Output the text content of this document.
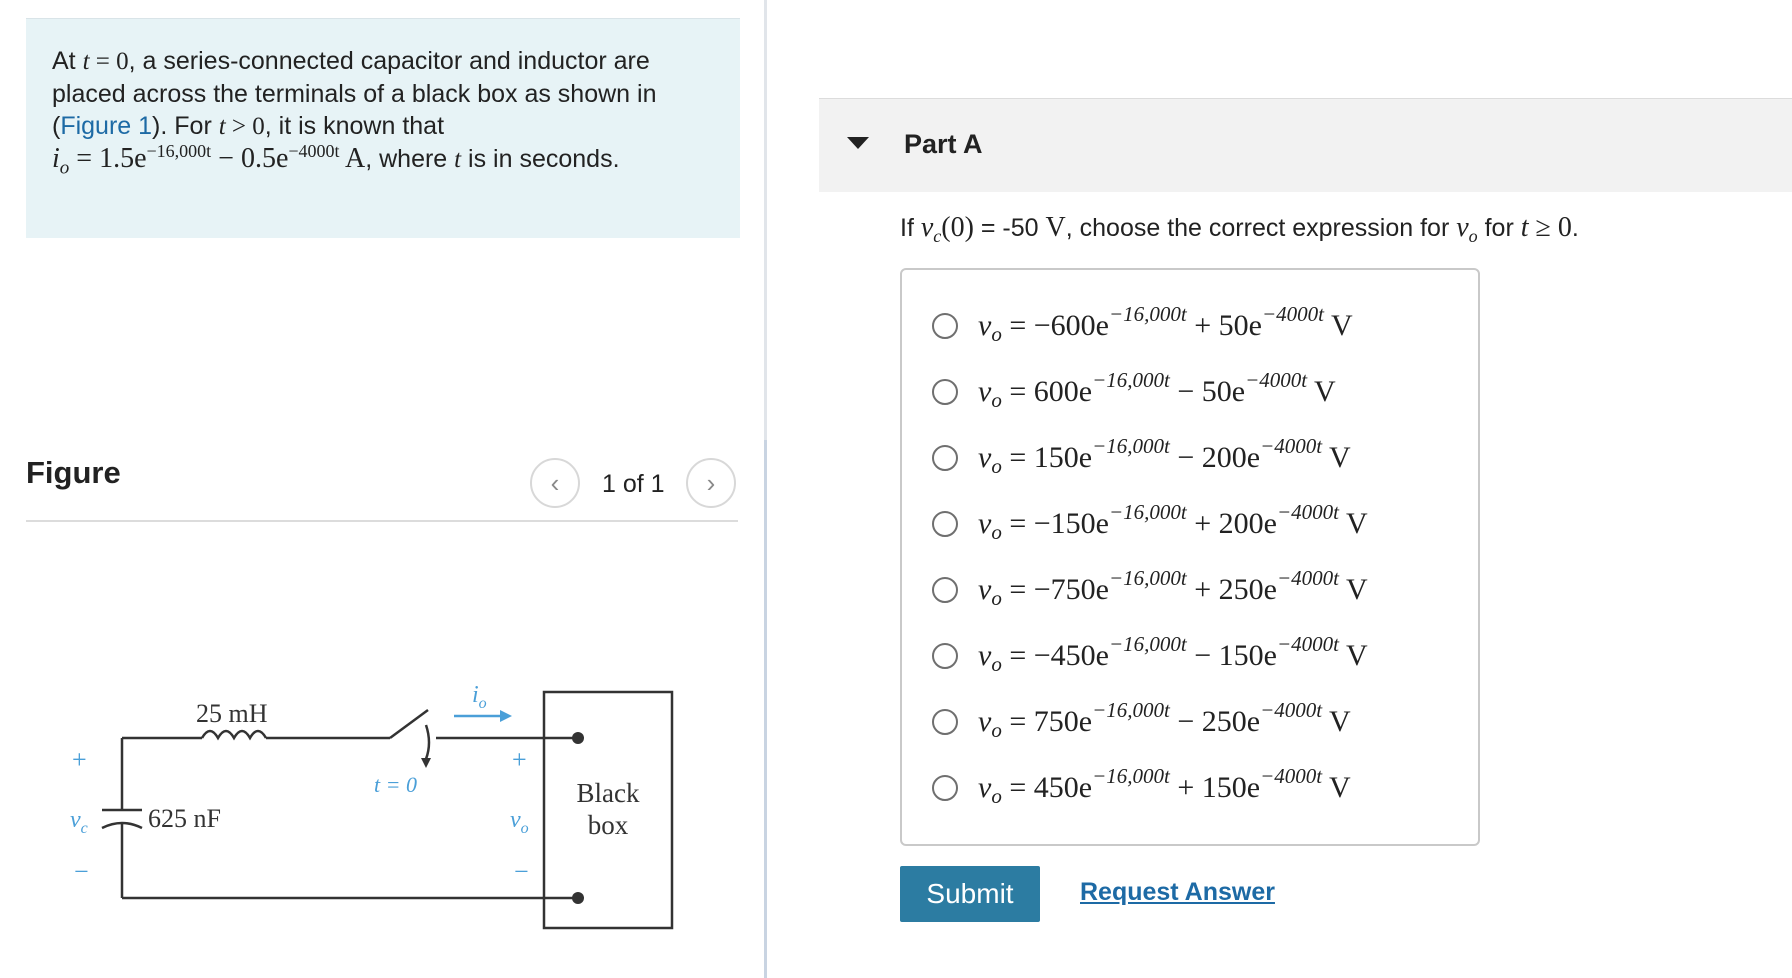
At t = 0, a series-connected capacitor and inductor are placed across the terminals of a black box as shown in (Figure 1). For t > 0, it is known that
$i_o = 1.5e^{-16,000t} - 0.5e^{-4000t}$ A, where t is in seconds.
Figure	‹ 1 of 1 ›
25 mH
625 nF
t = 0
$i_o$
+
$v_c$
−
+
$v_o$
−
Black
box
Part A
If $v_c(0) = -50$ V, choose the correct expression for $v_o$ for t ≥ 0.
$v_o = -600e^{-16,000t} + 50e^{-4000t}$ V
$v_o = 600e^{-16,000t} - 50e^{-4000t}$ V
$v_o = 150e^{-16,000t} - 200e^{-4000t}$ V
$v_o = -150e^{-16,000t} + 200e^{-4000t}$ V
$v_o = -750e^{-16,000t} + 250e^{-4000t}$ V
$v_o = -450e^{-16,000t} - 150e^{-4000t}$ V
$v_o = 750e^{-16,000t} - 250e^{-4000t}$ V
$v_o = 450e^{-16,000t} + 150e^{-4000t}$ V
Submit	Request Answer
